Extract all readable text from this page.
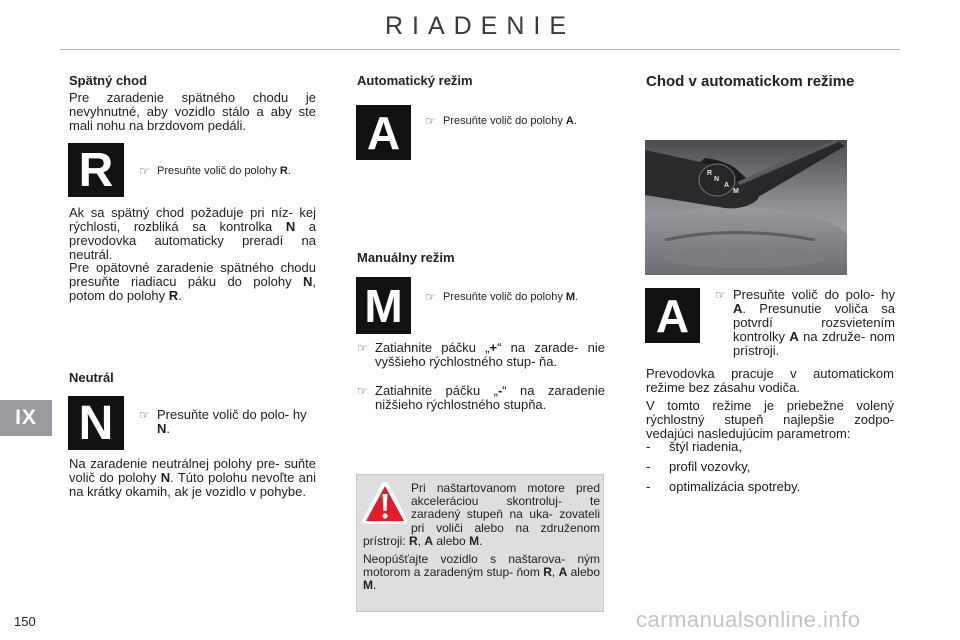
RIADENIE
IX
Spätný chod
Pre zaradenie spätného chodu je nevyhnutné, aby vozidlo stálo a aby ste mali nohu na brzdovom pedáli.
R ☞ Presuňte volič do polohy R.
Ak sa spätný chod požaduje pri níz- kej rýchlosti, rozbliká sa kontrolka N a prevodovka automaticky preradí na neutrál.
Pre opätovné zaradenie spätného chodu presuňte riadiacu páku do polohy N, potom do polohy R.
Neutrál
N ☞ Presuňte volič do polo- hy N.
Na zaradenie neutrálnej polohy pre- suňte volič do polohy N. Túto polohu nevoľte ani na krátky okamih, ak je vozidlo v pohybe.
Automatický režim
A ☞ Presuňte volič do polohy A.
Manuálny režim
M ☞ Presuňte volič do polohy M.
☞ Zatiahnite páčku „+“ na zarade- nie vyššieho rýchlostného stup- ňa.
☞ Zatiahnite páčku „-“ na zaradenie nižšieho rýchlostného stupňa.
Pri naštartovanom motore pred akceleráciou skontroluj- te zaradený stupeň na uka- zovateli pri voliči alebo na združenom prístroji: R, A alebo M.
Neopúšťajte vozidlo s naštarova- ným motorom a zaradeným stup- ňom R, A alebo M.
Chod v automatickom režime
R
N
A
M
A ☞ Presuňte volič do polo- hy A. Presunutie voliča sa potvrdí rozsvietením kontrolky A na združe- nom prístroji.
Prevodovka pracuje v automatickom režime bez zásahu vodiča.
V tomto režime je priebežne volený rýchlostný stupeň najlepšie zodpo- vedajúci nasledujúcim parametrom:
-	štýl riadenia,
-	profil vozovky,
-	optimalizácia spotreby.
150	carmanualsonline.info
